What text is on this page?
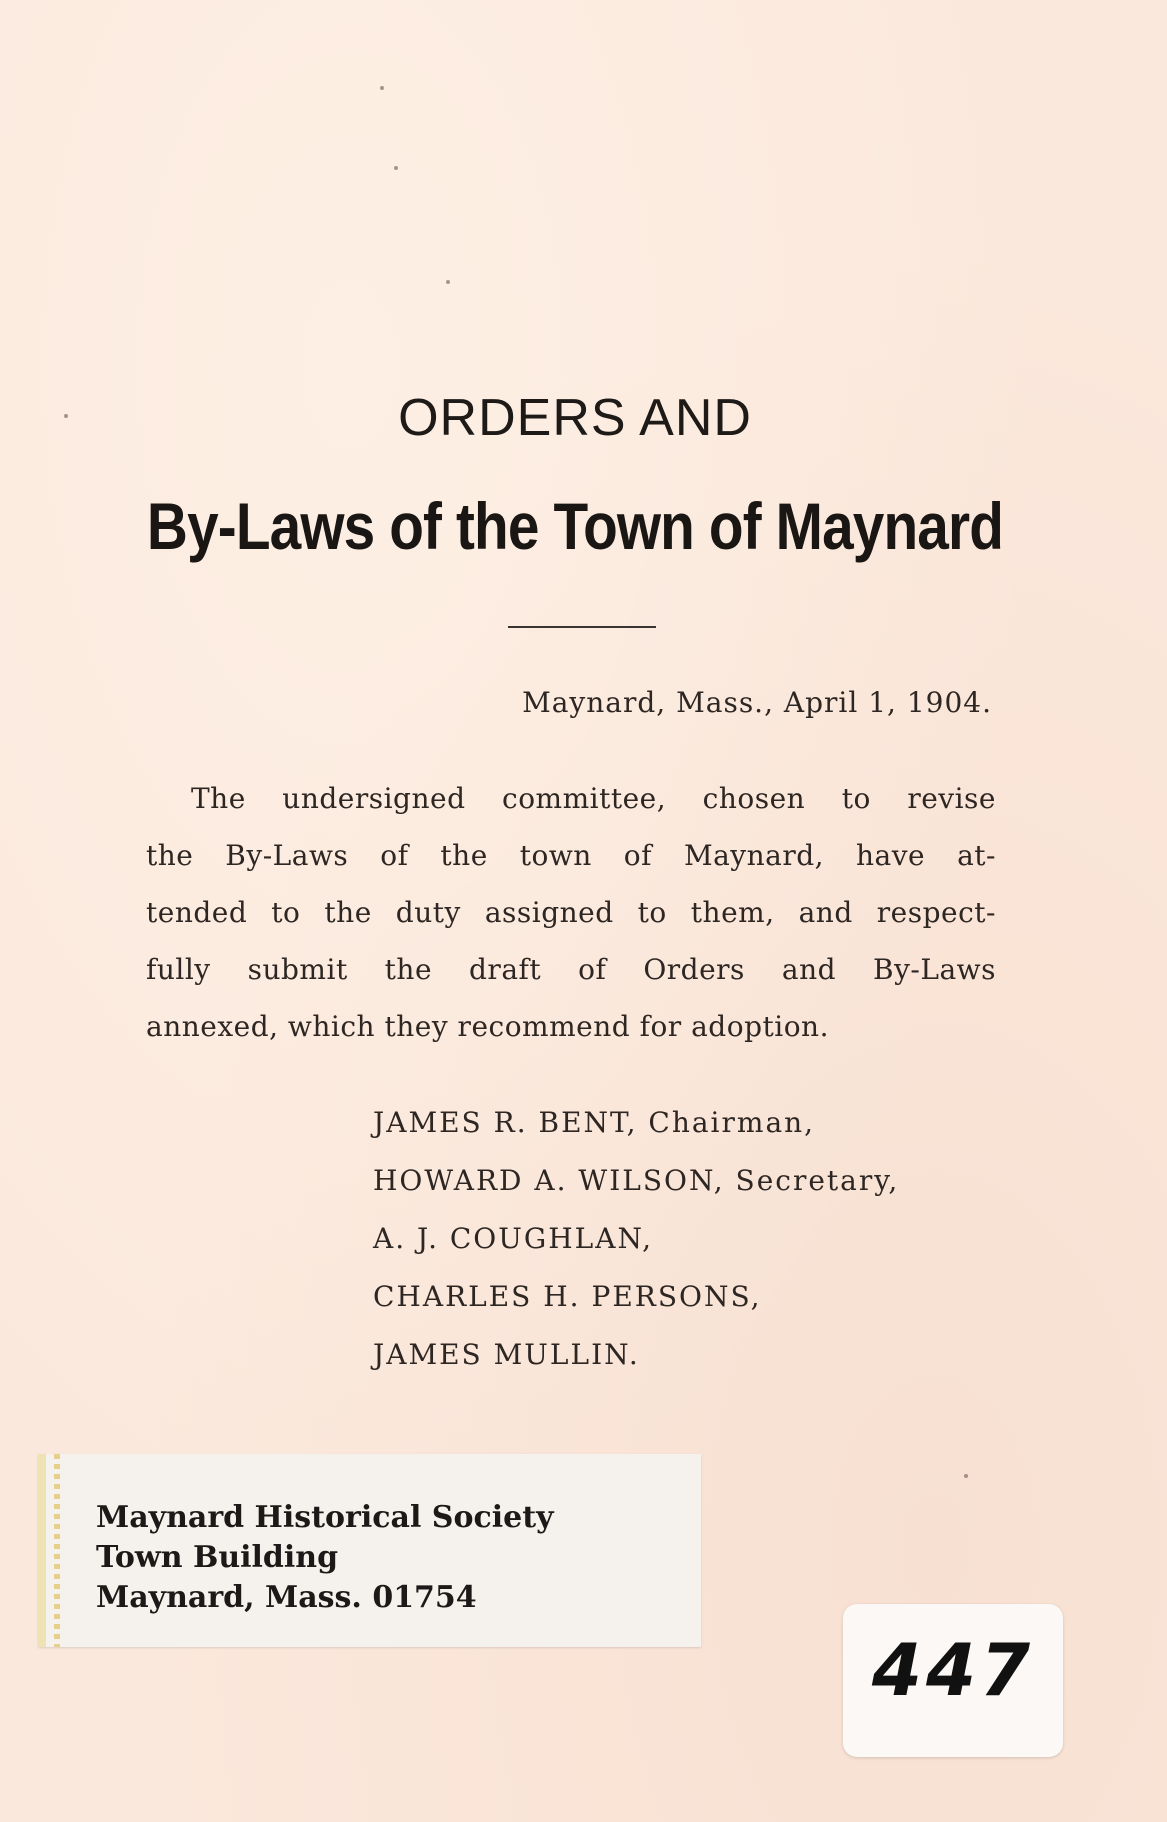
ORDERS AND
By-Laws of the Town of Maynard
Maynard, Mass., April 1, 1904.
The undersigned committee, chosen to revise
the By-Laws of the town of Maynard, have at-
tended to the duty assigned to them, and respect-
fully submit the draft of Orders and By-Laws
annexed, which they recommend for adoption.
JAMES R. BENT, Chairman,
HOWARD A. WILSON, Secretary,
A. J. COUGHLAN,
CHARLES H. PERSONS,
JAMES MULLIN.
Maynard Historical Society
Town Building
Maynard, Mass. 01754
447
